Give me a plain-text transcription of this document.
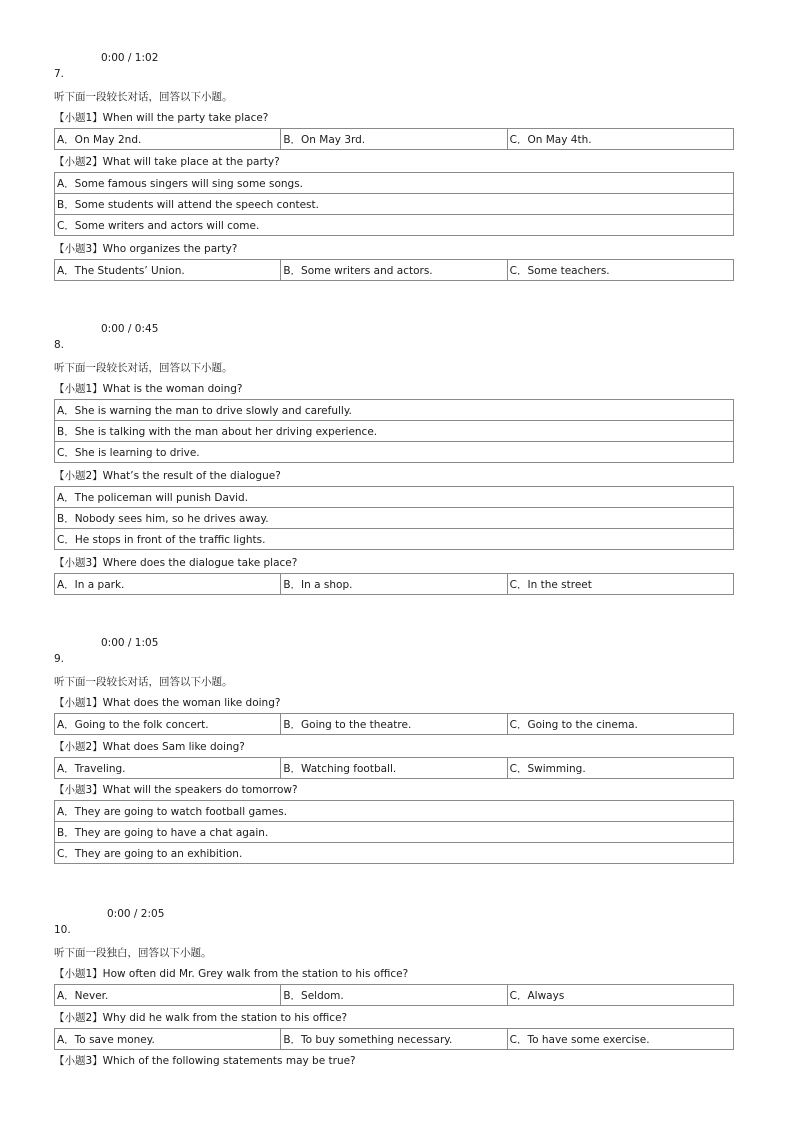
0:00 / 1:02
7.
听下面一段较长对话，回答以下小题。
【小题1】When will the party take place?
A．On May 2nd.	B．On May 3rd.	C．On May 4th.
【小题2】What will take place at the party?
A．Some famous singers will sing some songs.
B．Some students will attend the speech contest.
C．Some writers and actors will come.
【小题3】Who organizes the party?
A．The Students’ Union.	B．Some writers and actors.	C．Some teachers.
0:00 / 0:45
8.
听下面一段较长对话，回答以下小题。
【小题1】What is the woman doing?
A．She is warning the man to drive slowly and carefully.
B．She is talking with the man about her driving experience.
C．She is learning to drive.
【小题2】What’s the result of the dialogue?
A．The policeman will punish David.
B．Nobody sees him, so he drives away.
C．He stops in front of the traffic lights.
【小题3】Where does the dialogue take place?
A．In a park.	B．In a shop.	C．In the street
0:00 / 1:05
9.
听下面一段较长对话，回答以下小题。
【小题1】What does the woman like doing?
A．Going to the folk concert.	B．Going to the theatre.	C．Going to the cinema.
【小题2】What does Sam like doing?
A．Traveling.	B．Watching football.	C．Swimming.
【小题3】What will the speakers do tomorrow?
A．They are going to watch football games.
B．They are going to have a chat again.
C．They are going to an exhibition.
0:00 / 2:05
10.
听下面一段独白，回答以下小题。
【小题1】How often did Mr. Grey walk from the station to his office?
A．Never.	B．Seldom.	C．Always
【小题2】Why did he walk from the station to his office?
A．To save money.	B．To buy something necessary.	C．To have some exercise.
【小题3】Which of the following statements may be true?
